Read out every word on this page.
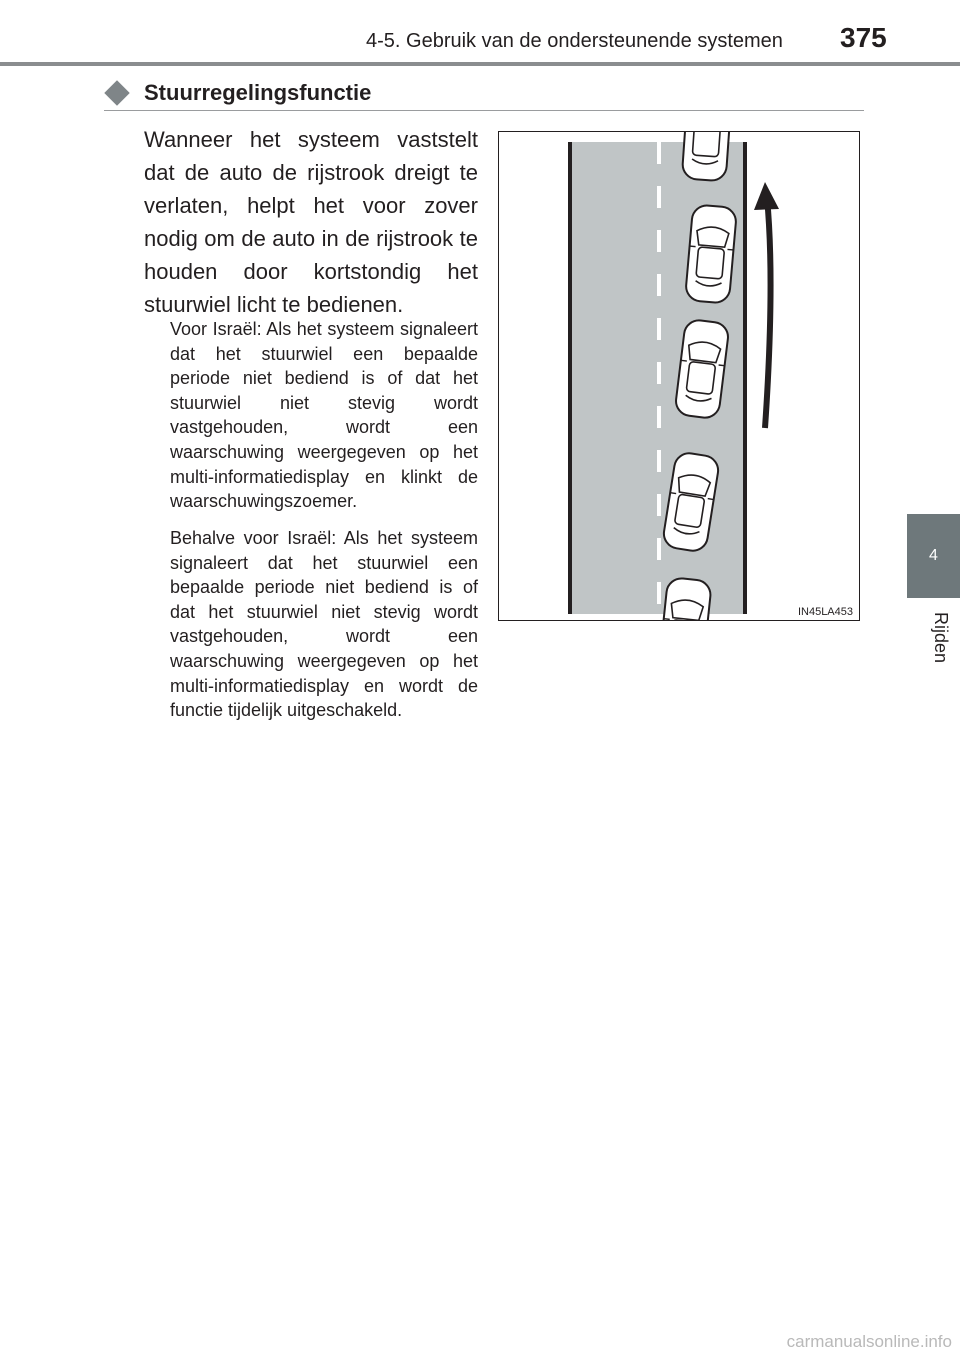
4-5. Gebruik van de ondersteunende systemen 375
Stuurregelingsfunctie

Wanneer het systeem vaststelt dat de auto de rijstrook dreigt te verlaten, helpt het voor zover nodig om de auto in de rijstrook te houden door kortstondig het stuurwiel licht te bedienen.

Voor Israël: Als het systeem signaleert dat het stuurwiel een bepaalde periode niet bediend is of dat het stuurwiel niet stevig wordt vastgehouden, wordt een waarschuwing weergegeven op het multi-informatiedisplay en klinkt de waarschuwingszoemer.

Behalve voor Israël: Als het systeem signaleert dat het stuurwiel een bepaalde periode niet bediend is of dat het stuurwiel niet stevig wordt vastgehouden, wordt een waarschuwing weergegeven op het multi-informatiedisplay en wordt de functie tijdelijk uitgeschakeld.

IN45LA453
4
Rijden
carmanualsonline.info
